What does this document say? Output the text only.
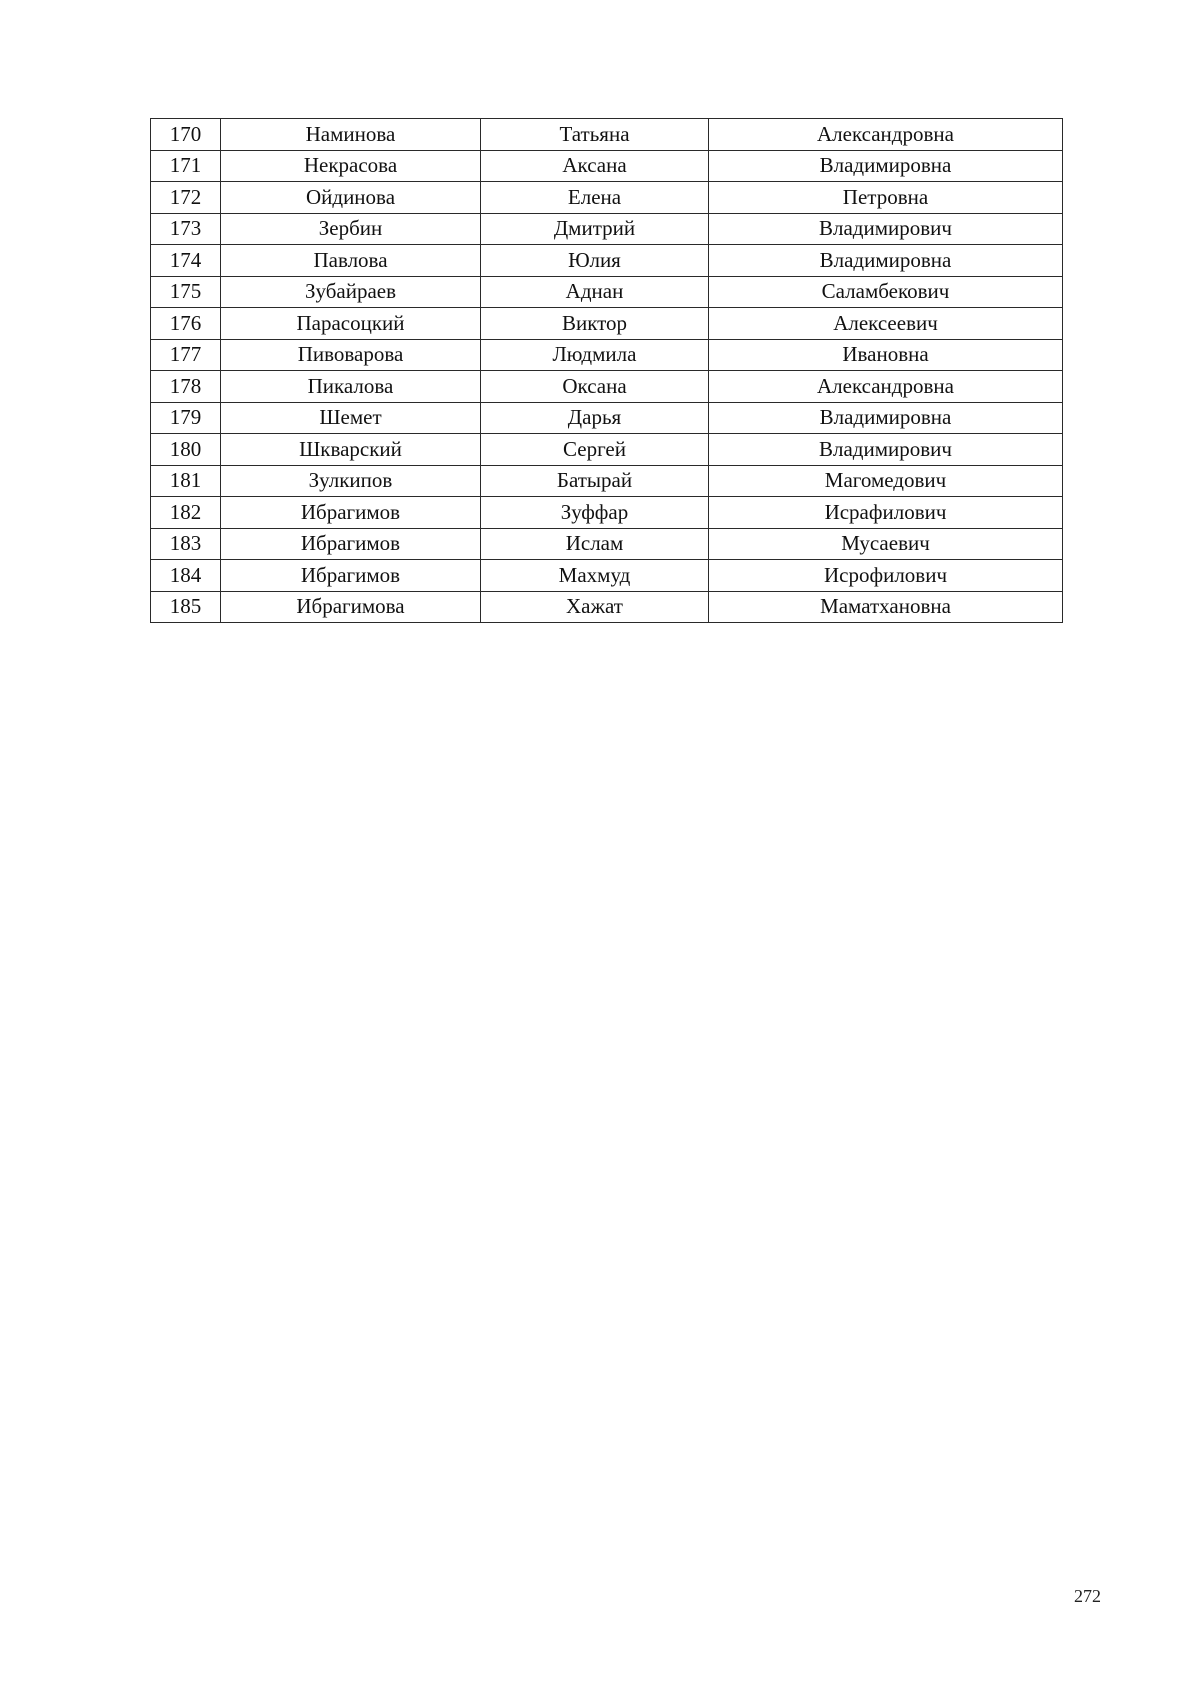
170	Наминова	Татьяна	Александровна
171	Некрасова	Аксана	Владимировна
172	Ойдинова	Елена	Петровна
173	Зербин	Дмитрий	Владимирович
174	Павлова	Юлия	Владимировна
175	Зубайраев	Аднан	Саламбекович
176	Парасоцкий	Виктор	Алексеевич
177	Пивоварова	Людмила	Ивановна
178	Пикалова	Оксана	Александровна
179	Шемет	Дарья	Владимировна
180	Шкварский	Сергей	Владимирович
181	Зулкипов	Батырай	Магомедович
182	Ибрагимов	Зуффар	Исрафилович
183	Ибрагимов	Ислам	Мусаевич
184	Ибрагимов	Махмуд	Исрофилович
185	Ибрагимова	Хажат	Маматхановна
272
